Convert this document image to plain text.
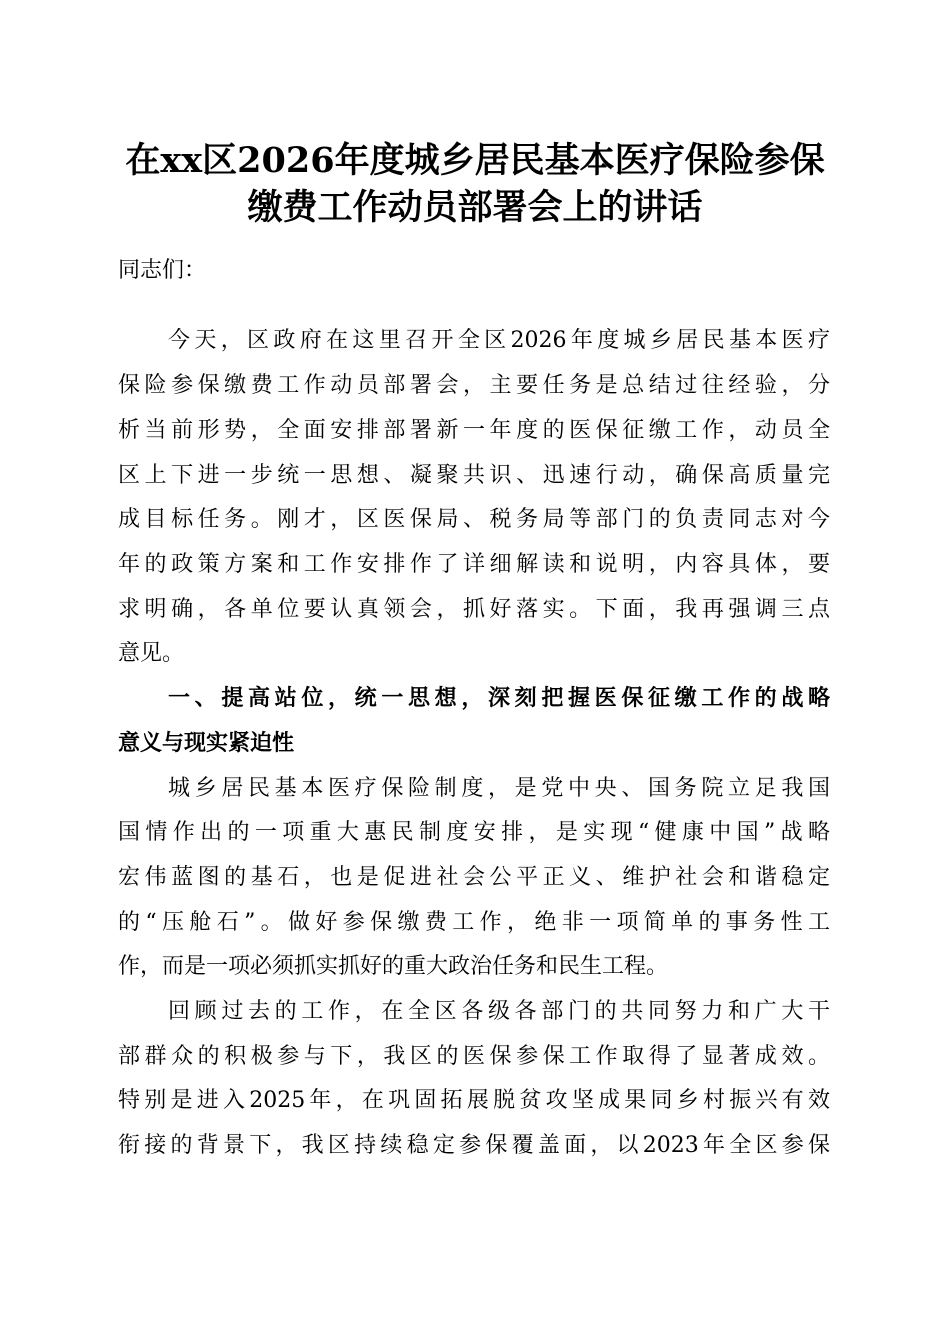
在xx区2026年度城乡居民基本医疗保险参保
缴费工作动员部署会上的讲话

同志们：

今天，区政府在这里召开全区2026年度城乡居民基本医疗

保险参保缴费工作动员部署会，主要任务是总结过往经验，分

析当前形势，全面安排部署新一年度的医保征缴工作，动员全

区上下进一步统一思想、凝聚共识、迅速行动，确保高质量完

成目标任务。刚才，区医保局、税务局等部门的负责同志对今

年的政策方案和工作安排作了详细解读和说明，内容具体，要

求明确，各单位要认真领会，抓好落实。下面，我再强调三点

意见。

一、提高站位，统一思想，深刻把握医保征缴工作的战略

意义与现实紧迫性

城乡居民基本医疗保险制度，是党中央、国务院立足我国

国情作出的一项重大惠民制度安排，是实现“健康中国”战略

宏伟蓝图的基石，也是促进社会公平正义、维护社会和谐稳定

的“压舱石”。做好参保缴费工作，绝非一项简单的事务性工

作，而是一项必须抓实抓好的重大政治任务和民生工程。

回顾过去的工作，在全区各级各部门的共同努力和广大干

部群众的积极参与下，我区的医保参保工作取得了显著成效。

特别是进入2025年，在巩固拓展脱贫攻坚成果同乡村振兴有效

衔接的背景下，我区持续稳定参保覆盖面，以2023年全区参保
